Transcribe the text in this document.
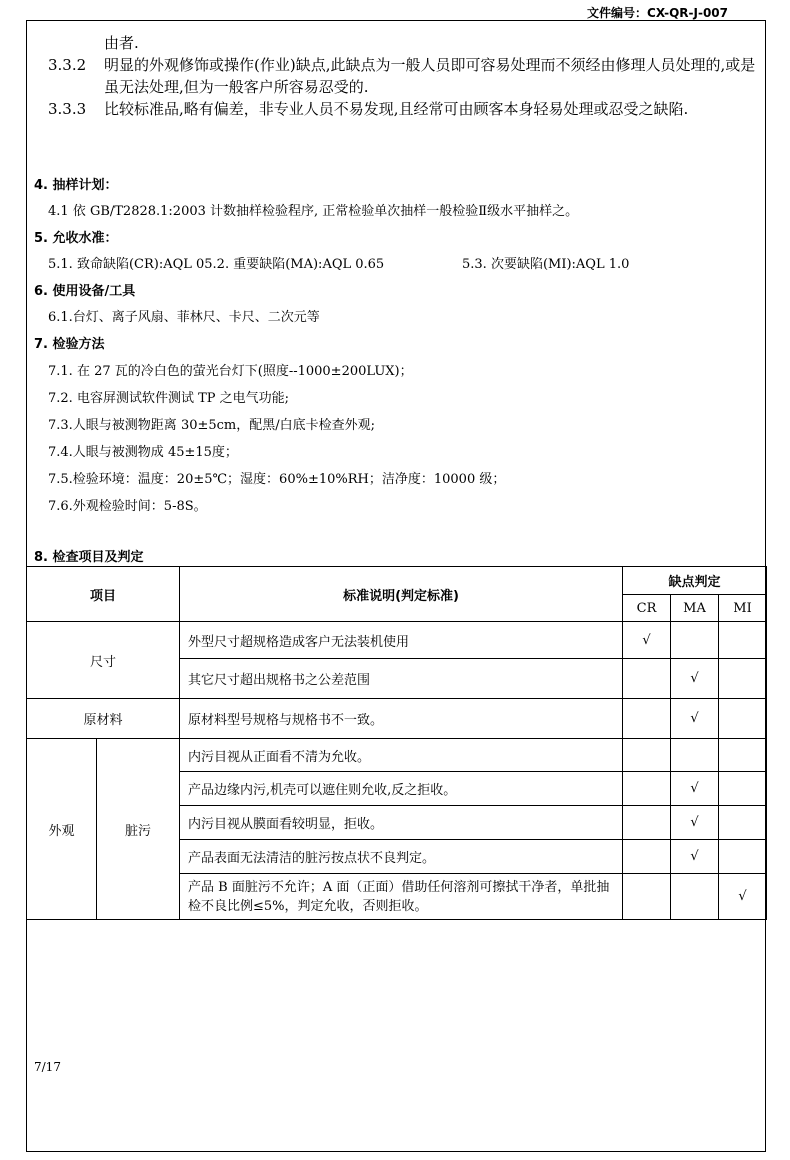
文件编号：CX-QR-J-007
由者.
3.3.2	明显的外观修饰或操作(作业)缺点,此缺点为一般人员即可容易处理而不须经由修理人员处理的,或是虽无法处理,但为一般客户所容易忍受的.
3.3.3	比较标准品,略有偏差，非专业人员不易发现,且经常可由顾客本身轻易处理或忍受之缺陷.
4. 抽样计划：
4.1 依 GB/T2828.1:2003 计数抽样检验程序, 正常检验单次抽样一般检验Ⅱ级水平抽样之。
5. 允收水准：
5.1. 致命缺陷(CR):AQL 05.2. 重要缺陷(MA):AQL 0.65	5.3. 次要缺陷(MI):AQL 1.0
6. 使用设备/工具
6.1.台灯、离子风扇、菲林尺、卡尺、二次元等
7. 检验方法
7.1. 在 27 瓦的冷白色的萤光台灯下(照度--1000±200LUX)；
7.2. 电容屏测试软件测试 TP 之电气功能;
7.3.人眼与被测物距离 30±5cm，配黑/白底卡检查外观;
7.4.人眼与被测物成 45±15度；
7.5.检验环境：温度：20±5℃；湿度：60%±10%RH；洁净度：10000 级；
7.6.外观检验时间：5-8S。
8. 检查项目及判定
项目		标准说明(判定标准)	缺点判定		
			CR	MA	MI
尺寸		外型尺寸超规格造成客户无法装机使用	√		
		其它尺寸超出规格书之公差范围		√	
原材料		原材料型号规格与规格书不一致。		√	
外观	脏污	内污目视从正面看不清为允收。			
		产品边缘内污,机壳可以遮住则允收,反之拒收。		√	
		内污目视从膜面看较明显，拒收。		√	
		产品表面无法清洁的脏污按点状不良判定。		√	
		产品 B 面脏污不允许；A 面（正面）借助任何溶剂可擦拭干净者，单批抽检不良比例≤5%，判定允收，否则拒收。			√
7/17
